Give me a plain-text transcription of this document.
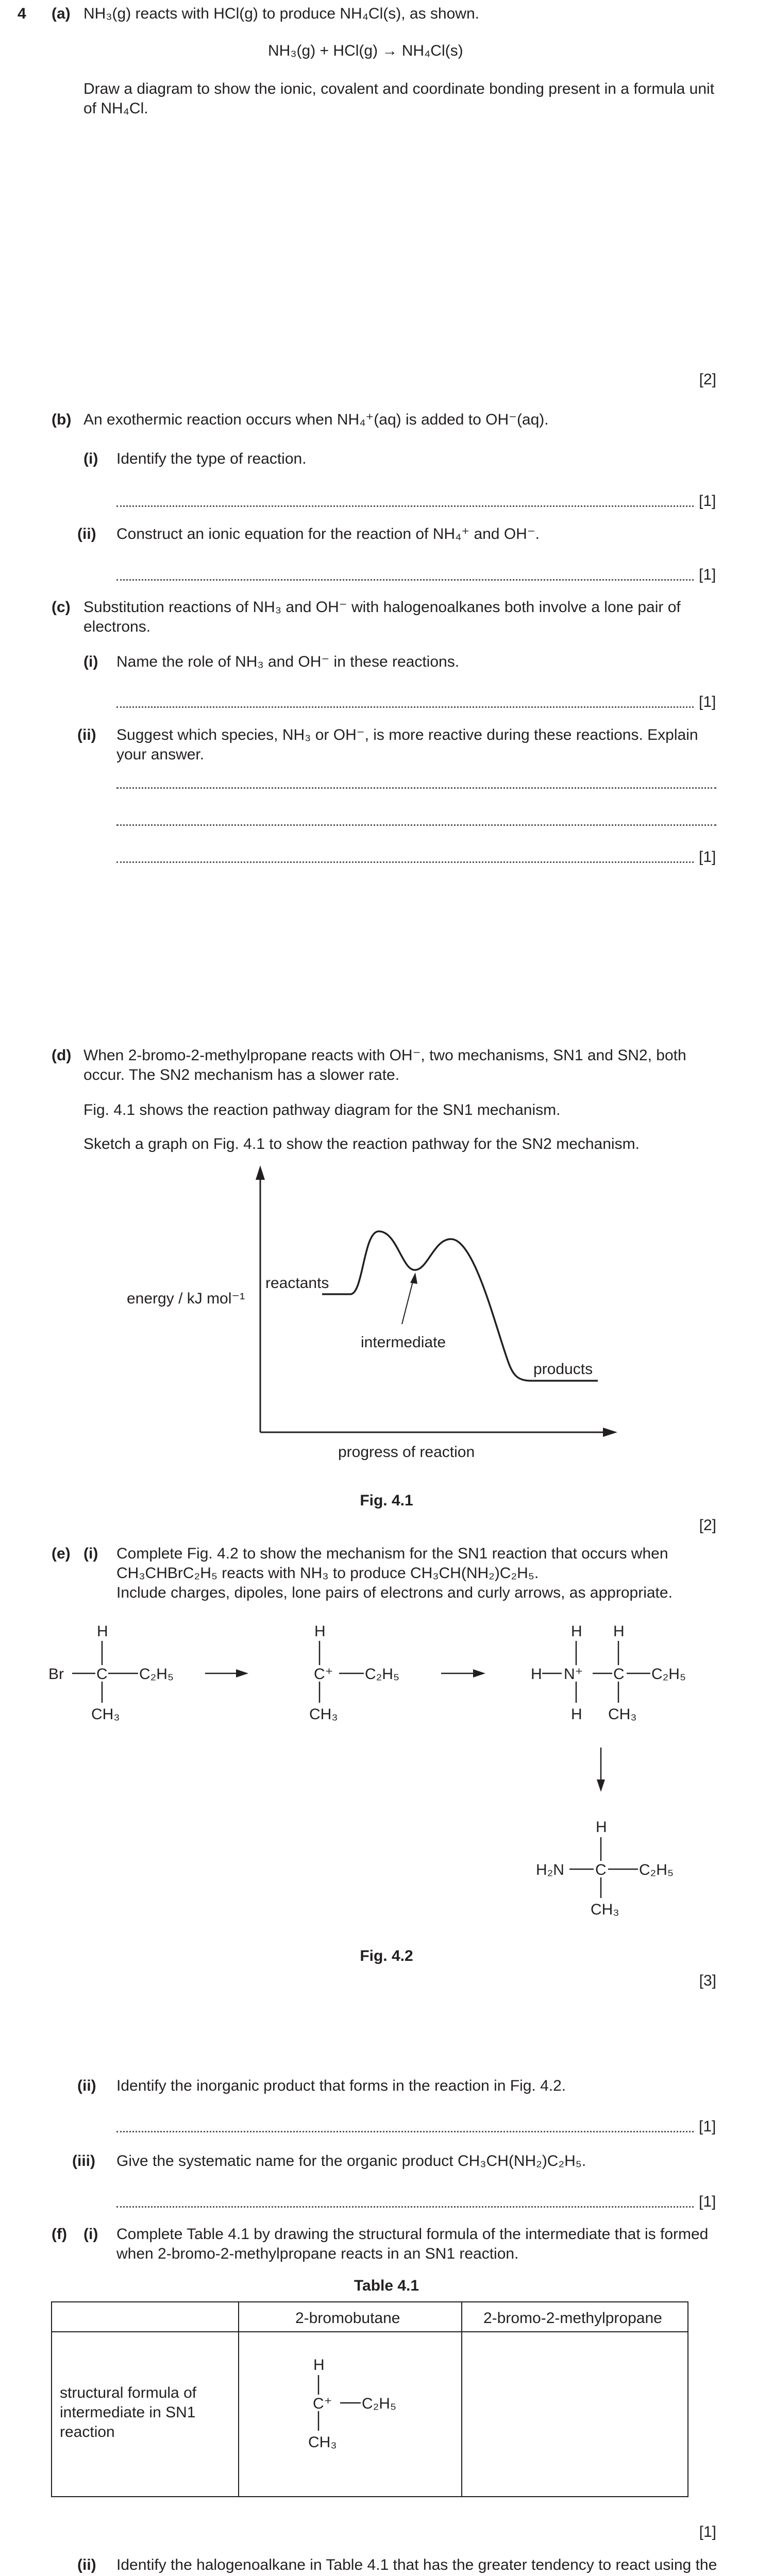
4 (a) NH₃(g) reacts with HCl(g) to produce NH₄Cl(s), as shown.
NH₃(g) + HCl(g) → NH₄Cl(s)
Draw a diagram to show the ionic, covalent and coordinate bonding present in a formula unit of NH₄Cl.
[2]
(b) An exothermic reaction occurs when NH₄⁺(aq) is added to OH⁻(aq).
(i) Identify the type of reaction.
[1]
(ii) Construct an ionic equation for the reaction of NH₄⁺ and OH⁻.
[1]
(c) Substitution reactions of NH₃ and OH⁻ with halogenoalkanes both involve a lone pair of electrons.
(i) Name the role of NH₃ and OH⁻ in these reactions.
[1]
(ii) Suggest which species, NH₃ or OH⁻, is more reactive during these reactions. Explain your answer.
[1]
(d) When 2-bromo-2-methylpropane reacts with OH⁻, two mechanisms, SN1 and SN2, both occur. The SN2 mechanism has a slower rate.
Fig. 4.1 shows the reaction pathway diagram for the SN1 mechanism.
Sketch a graph on Fig. 4.1 to show the reaction pathway for the SN2 mechanism.
energy / kJ mol⁻¹
reactants
intermediate
products
progress of reaction
Fig. 4.1
[2]
(e) (i) Complete Fig. 4.2 to show the mechanism for the SN1 reaction that occurs when CH₃CHBrC₂H₅ reacts with NH₃ to produce CH₃CH(NH₂)C₂H₅.
Include charges, dipoles, lone pairs of electrons and curly arrows, as appropriate.
Br C
H
C₂H₅
CH₃
C⁺
H
C₂H₅
CH₃
H N⁺
H
H
C
H
C₂H₅
CH₃
H₂N C
H
C₂H₅
CH₃
Fig. 4.2
[3]
(ii) Identify the inorganic product that forms in the reaction in Fig. 4.2.
[1]
(iii) Give the systematic name for the organic product CH₃CH(NH₂)C₂H₅.
[1]
(f) (i) Complete Table 4.1 by drawing the structural formula of the intermediate that is formed when 2-bromo-2-methylpropane reacts in an SN1 reaction.
Table 4.1
2-bromobutane	2-bromo-2-methylpropane
H
C⁺ C₂H₅
CH₃
structural formula of intermediate in SN1 reaction
[1]
(ii) Identify the halogenoalkane in Table 4.1 that has the greater tendency to react using the
